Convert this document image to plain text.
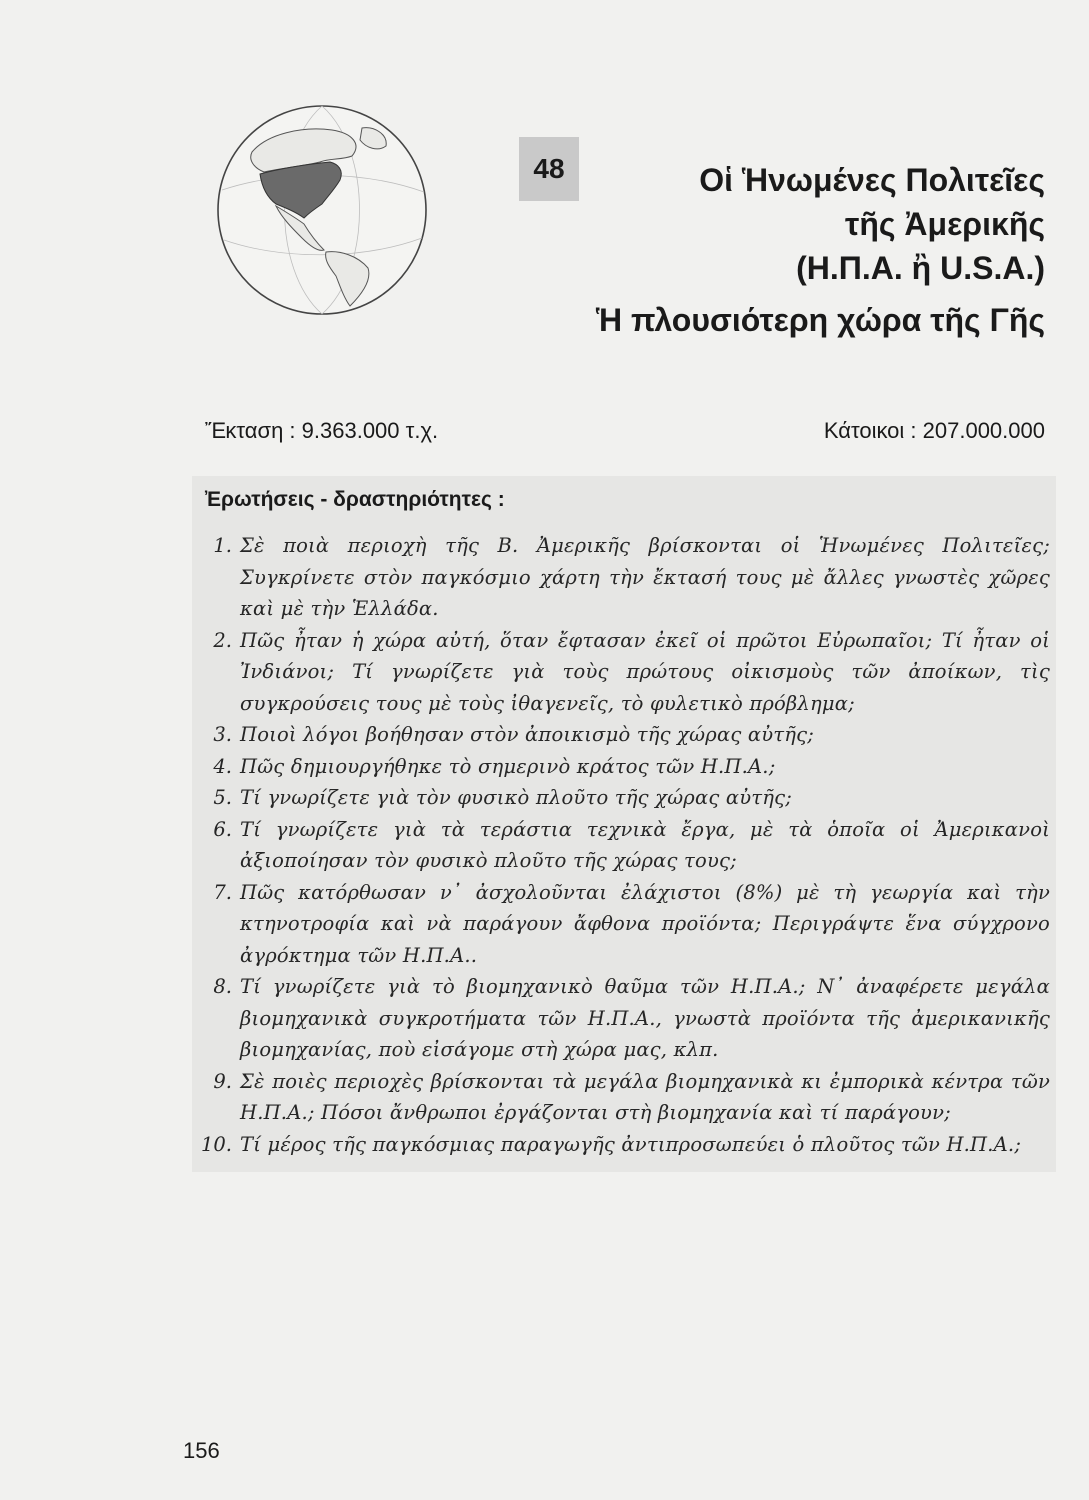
48	Οἱ Ἡνωμένες Πολιτεῖες
τῆς Ἀμερικῆς
(Η.Π.Α. ἢ U.S.A.)
Ἡ πλουσιότερη χώρα τῆς Γῆς
Ἔκταση : 9.363.000 τ.χ.	Κάτοικοι : 207.000.000
Ἐρωτήσεις - δραστηριότητες :
1. Σὲ ποιὰ περιοχὴ τῆς Β. Ἀμερικῆς βρίσκονται οἱ Ἡνωμένες Πολιτεῖες; Συγκρίνετε στὸν παγκόσμιο χάρτη τὴν ἔκτασή τους μὲ ἄλλες γνωστὲς χῶρες καὶ μὲ τὴν Ἑλλάδα.
2. Πῶς ἦταν ἡ χώρα αὐτή, ὅταν ἔφτασαν ἐκεῖ οἱ πρῶτοι Εὐρωπαῖοι; Τί ἦταν οἱ Ἰνδιάνοι; Τί γνωρίζετε γιὰ τοὺς πρώτους οἰκισμοὺς τῶν ἀποίκων, τὶς συγκρούσεις τους μὲ τοὺς ἰθαγενεῖς, τὸ φυλετικὸ πρόβλημα;
3. Ποιοὶ λόγοι βοήθησαν στὸν ἀποικισμὸ τῆς χώρας αὐτῆς;
4. Πῶς δημιουργήθηκε τὸ σημερινὸ κράτος τῶν Η.Π.Α.;
5. Τί γνωρίζετε γιὰ τὸν φυσικὸ πλοῦτο τῆς χώρας αὐτῆς;
6. Τί γνωρίζετε γιὰ τὰ τεράστια τεχνικὰ ἔργα, μὲ τὰ ὁποῖα οἱ Ἀμερικανοὶ ἀξιοποίησαν τὸν φυσικὸ πλοῦτο τῆς χώρας τους;
7. Πῶς κατόρθωσαν ν᾽ ἀσχολοῦνται ἐλάχιστοι (8%) μὲ τὴ γεωργία καὶ τὴν κτηνοτροφία καὶ νὰ παράγουν ἄφθονα προϊόντα; Περιγράψτε ἕνα σύγχρονο ἀγρόκτημα τῶν Η.Π.Α..
8. Τί γνωρίζετε γιὰ τὸ βιομηχανικὸ θαῦμα τῶν Η.Π.Α.; Ν᾽ ἀναφέρετε μεγάλα βιομηχανικὰ συγκροτήματα τῶν Η.Π.Α., γνωστὰ προϊόντα τῆς ἀμερικανικῆς βιομηχανίας, ποὺ εἰσάγομε στὴ χώρα μας, κλπ.
9. Σὲ ποιὲς περιοχὲς βρίσκονται τὰ μεγάλα βιομηχανικὰ κι ἐμπορικὰ κέντρα τῶν Η.Π.Α.; Πόσοι ἄνθρωποι ἐργάζονται στὴ βιομηχανία καὶ τί παράγουν;
10. Τί μέρος τῆς παγκόσμιας παραγωγῆς ἀντιπροσωπεύει ὁ πλοῦτος τῶν Η.Π.Α.;
156
